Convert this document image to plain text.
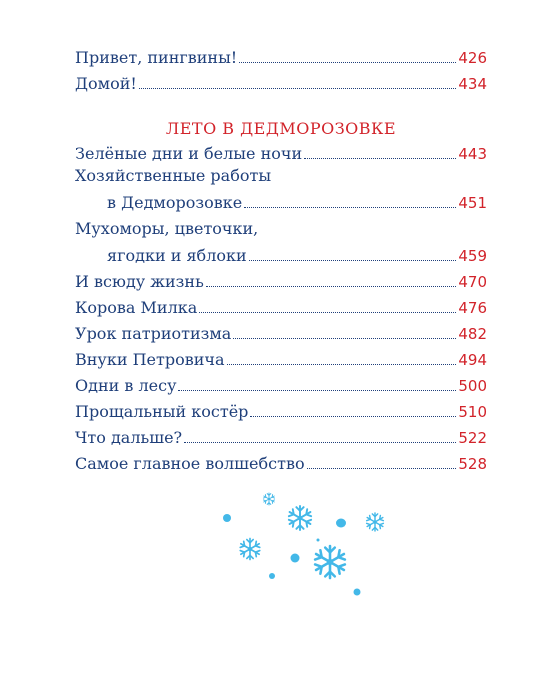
Привет, пингвины!	426
Домой!	434
ЛЕТО В ДЕДМОРОЗОВКЕ
Зелёные дни и белые ночи	443
Хозяйственные работы
в Дедморозовке	451
Мухоморы, цветочки,
ягодки и яблоки	459
И всюду жизнь	470
Корова Милка	476
Урок патриотизма	482
Внуки Петровича	494
Одни в лесу	500
Прощальный костёр	510
Что дальше?	522
Самое главное волшебство	528
